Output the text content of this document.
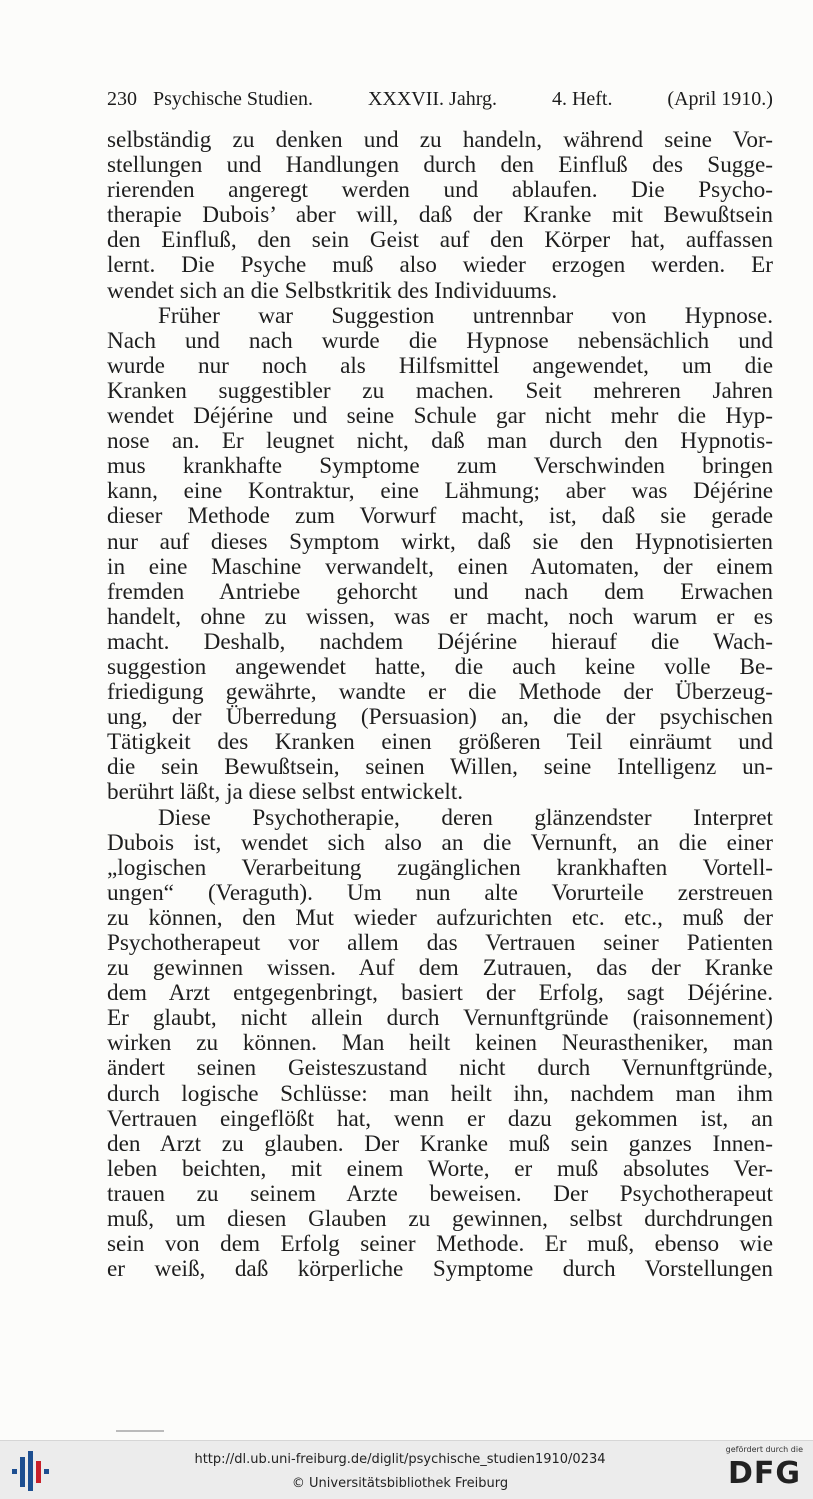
230 Psychische Studien.	XXXVII. Jahrg.	4. Heft.	(April 1910.)
selbständig zu denken und zu handeln, während seine Vor-
stellungen und Handlungen durch den Einfluß des Sugge-
rierenden angeregt werden und ablaufen. Die Psycho-
therapie Dubois’ aber will, daß der Kranke mit Bewußtsein
den Einfluß, den sein Geist auf den Körper hat, auffassen
lernt. Die Psyche muß also wieder erzogen werden. Er
wendet sich an die Selbstkritik des Individuums.
Früher war Suggestion untrennbar von Hypnose.
Nach und nach wurde die Hypnose nebensächlich und
wurde nur noch als Hilfsmittel angewendet, um die
Kranken suggestibler zu machen. Seit mehreren Jahren
wendet Déjérine und seine Schule gar nicht mehr die Hyp-
nose an. Er leugnet nicht, daß man durch den Hypnotis-
mus krankhafte Symptome zum Verschwinden bringen
kann, eine Kontraktur, eine Lähmung; aber was Déjérine
dieser Methode zum Vorwurf macht, ist, daß sie gerade
nur auf dieses Symptom wirkt, daß sie den Hypnotisierten
in eine Maschine verwandelt, einen Automaten, der einem
fremden Antriebe gehorcht und nach dem Erwachen
handelt, ohne zu wissen, was er macht, noch warum er es
macht. Deshalb, nachdem Déjérine hierauf die Wach-
suggestion angewendet hatte, die auch keine volle Be-
friedigung gewährte, wandte er die Methode der Überzeug-
ung, der Überredung (Persuasion) an, die der psychischen
Tätigkeit des Kranken einen größeren Teil einräumt und
die sein Bewußtsein, seinen Willen, seine Intelligenz un-
berührt läßt, ja diese selbst entwickelt.
Diese Psychotherapie, deren glänzendster Interpret
Dubois ist, wendet sich also an die Vernunft, an die einer
„logischen Verarbeitung zugänglichen krankhaften Vortell-
ungen“ (Veraguth). Um nun alte Vorurteile zerstreuen
zu können, den Mut wieder aufzurichten etc. etc., muß der
Psychotherapeut vor allem das Vertrauen seiner Patienten
zu gewinnen wissen. Auf dem Zutrauen, das der Kranke
dem Arzt entgegenbringt, basiert der Erfolg, sagt Déjérine.
Er glaubt, nicht allein durch Vernunftgründe (raisonnement)
wirken zu können. Man heilt keinen Neurastheniker, man
ändert seinen Geisteszustand nicht durch Vernunftgründe,
durch logische Schlüsse: man heilt ihn, nachdem man ihm
Vertrauen eingeflößt hat, wenn er dazu gekommen ist, an
den Arzt zu glauben. Der Kranke muß sein ganzes Innen-
leben beichten, mit einem Worte, er muß absolutes Ver-
trauen zu seinem Arzte beweisen. Der Psychotherapeut
muß, um diesen Glauben zu gewinnen, selbst durchdrungen
sein von dem Erfolg seiner Methode. Er muß, ebenso wie
er weiß, daß körperliche Symptome durch Vorstellungen
http://dl.ub.uni-freiburg.de/diglit/psychische_studien1910/0234
© Universitätsbibliothek Freiburg
gefördert durch die
DFG
